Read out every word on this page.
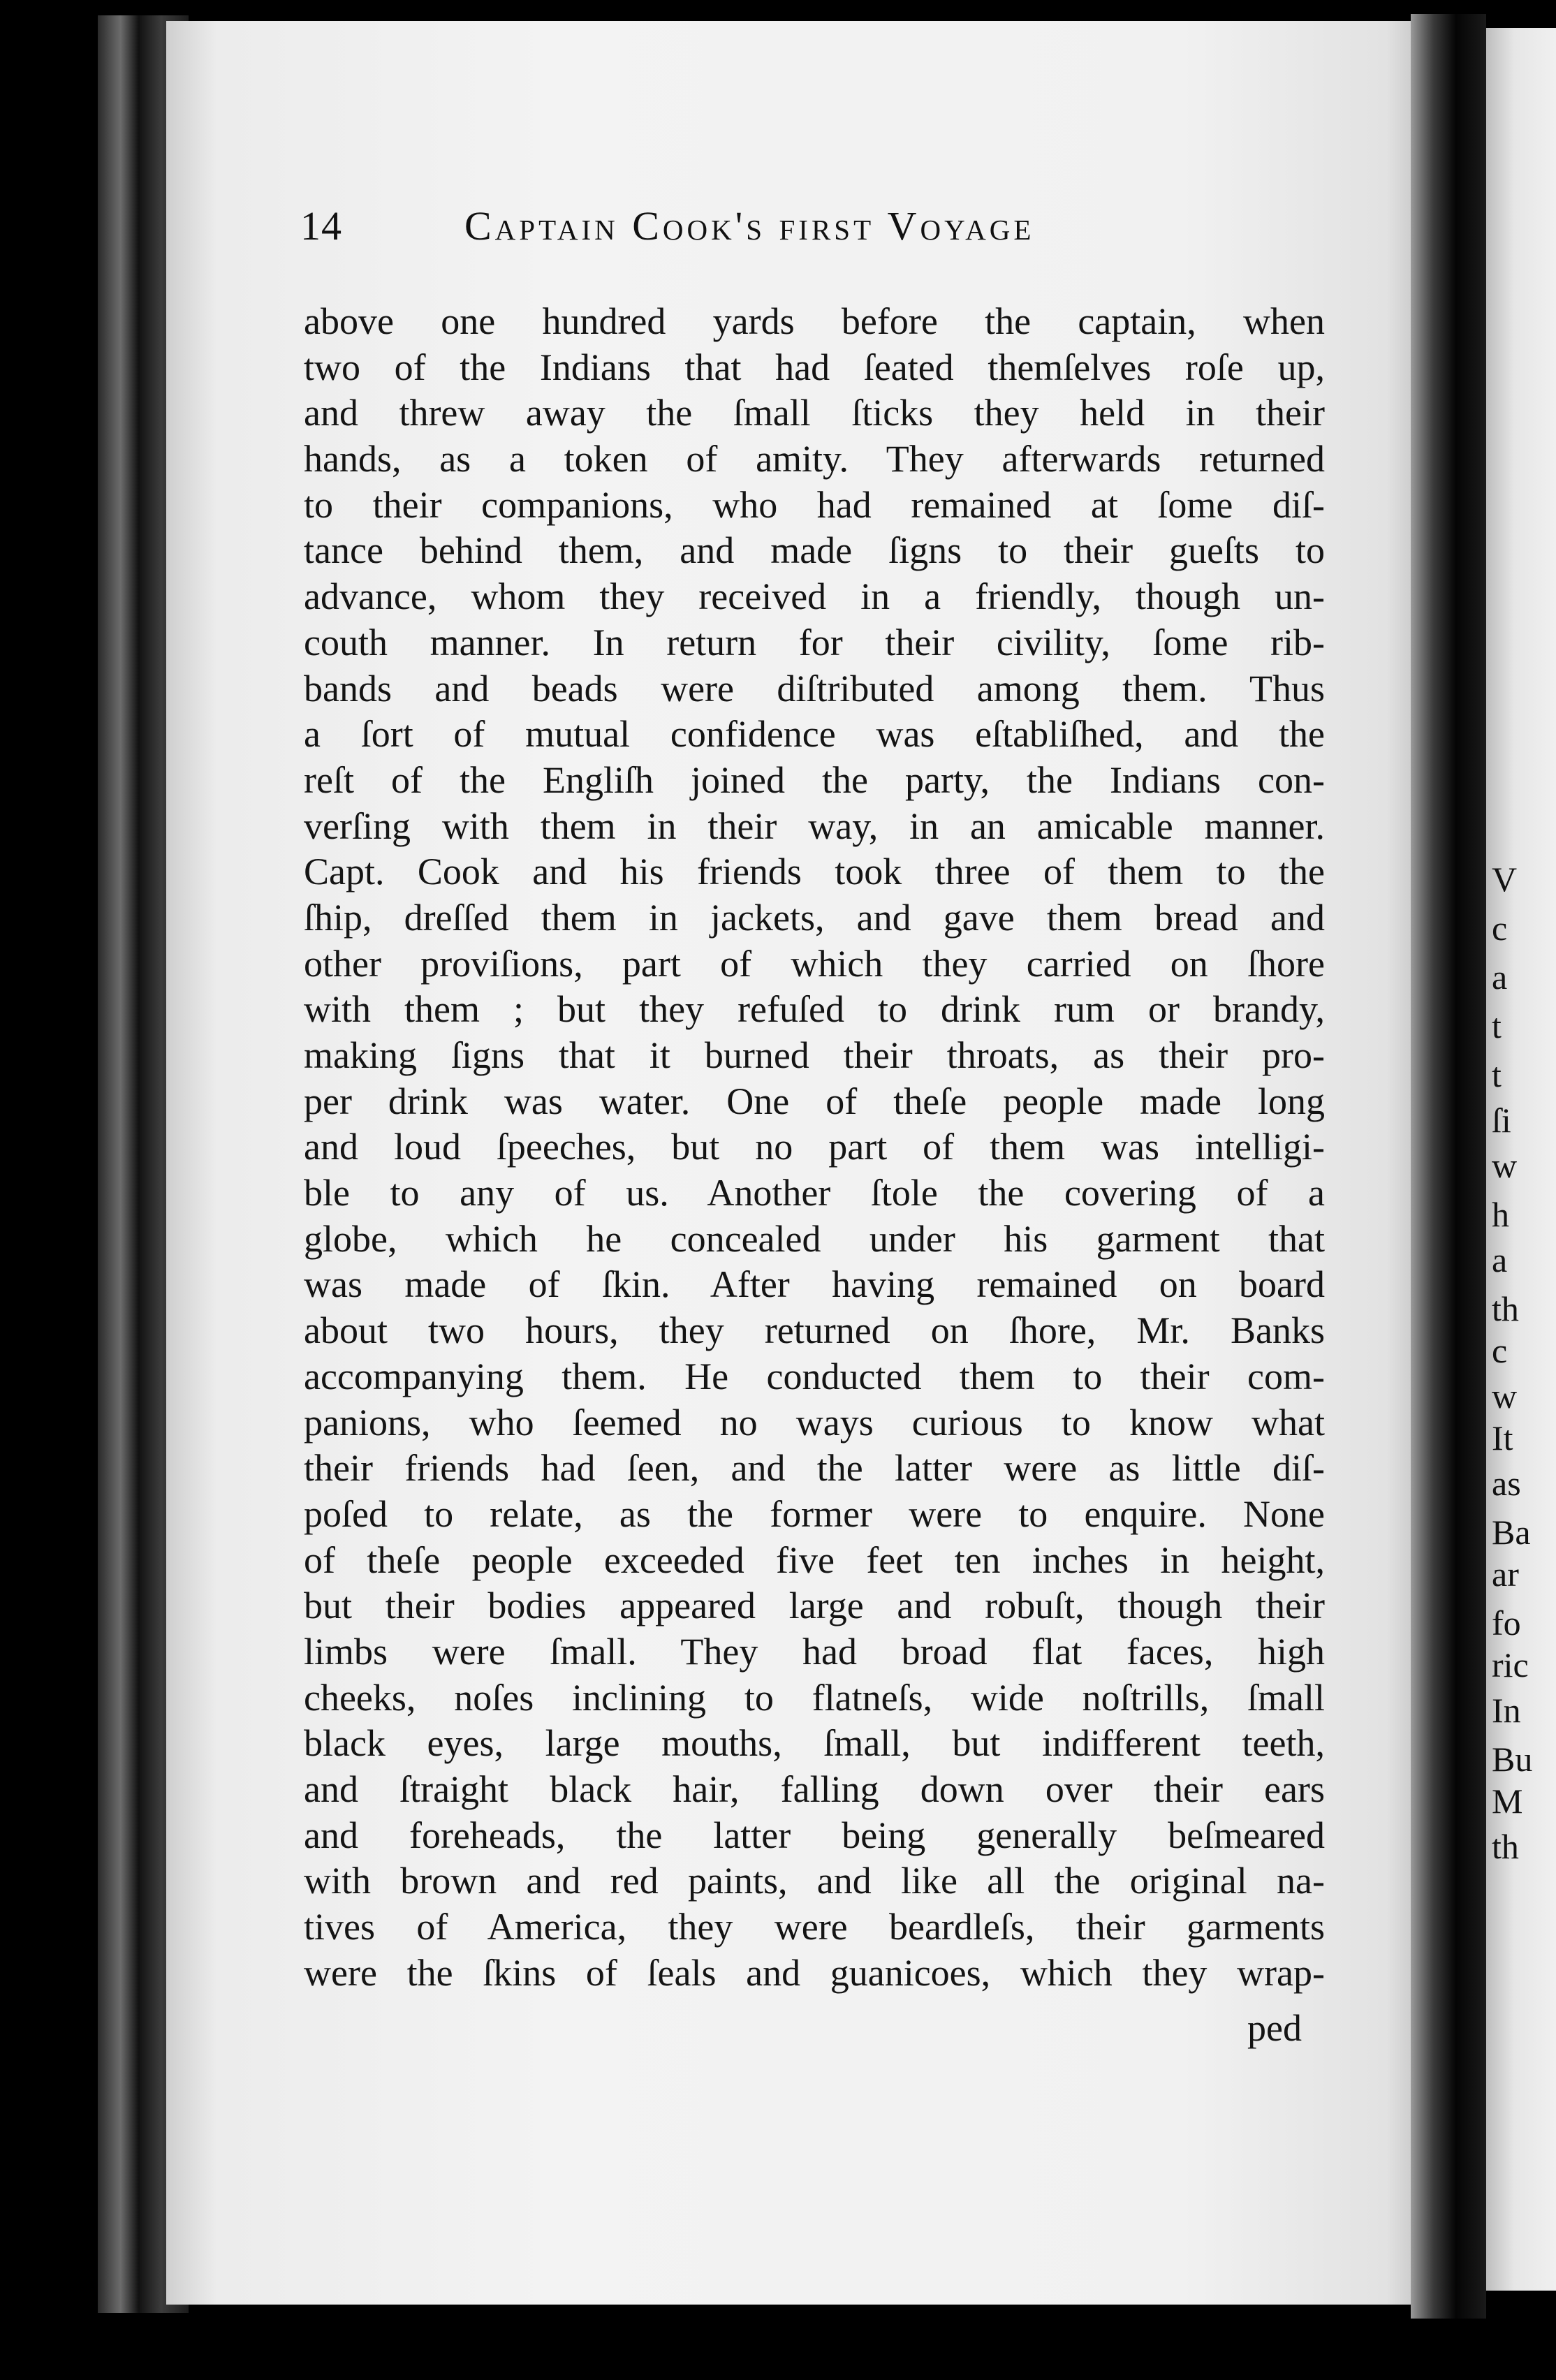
14	Captain Cook's first Voyage
above one hundred yards before the captain, when
two of the Indians that had ſeated themſelves roſe up,
and threw away the ſmall ſticks they held in their
hands, as a token of amity. They afterwards returned
to their companions, who had remained at ſome diſ-
tance behind them, and made ſigns to their gueſts to
advance, whom they received in a friendly, though un-
couth manner. In return for their civility, ſome rib-
bands and beads were diſtributed among them. Thus
a ſort of mutual confidence was eſtabliſhed, and the
reſt of the Engliſh joined the party, the Indians con-
verſing with them in their way, in an amicable manner.
Capt. Cook and his friends took three of them to the
ſhip, dreſſed them in jackets, and gave them bread and
other proviſions, part of which they carried on ſhore
with them ; but they refuſed to drink rum or brandy,
making ſigns that it burned their throats, as their pro-
per drink was water. One of theſe people made long
and loud ſpeeches, but no part of them was intelligi-
ble to any of us. Another ſtole the covering of a
globe, which he concealed under his garment that
was made of ſkin. After having remained on board
about two hours, they returned on ſhore, Mr. Banks
accompanying them. He conducted them to their com-
panions, who ſeemed no ways curious to know what
their friends had ſeen, and the latter were as little diſ-
poſed to relate, as the former were to enquire. None
of theſe people exceeded five feet ten inches in height,
but their bodies appeared large and robuſt, though their
limbs were ſmall. They had broad flat faces, high
cheeks, noſes inclining to flatneſs, wide noſtrills, ſmall
black eyes, large mouths, ſmall, but indifferent teeth,
and ſtraight black hair, falling down over their ears
and foreheads, the latter being generally beſmeared
with brown and red paints, and like all the original na-
tives of America, they were beardleſs, their garments
were the ſkins of ſeals and guanicoes, which they wrap-
ped
V
c
a
t
t
ſi
w
h
a
th
c
w
It
as
Ba
ar
fo
ric
In
Bu
M
th
